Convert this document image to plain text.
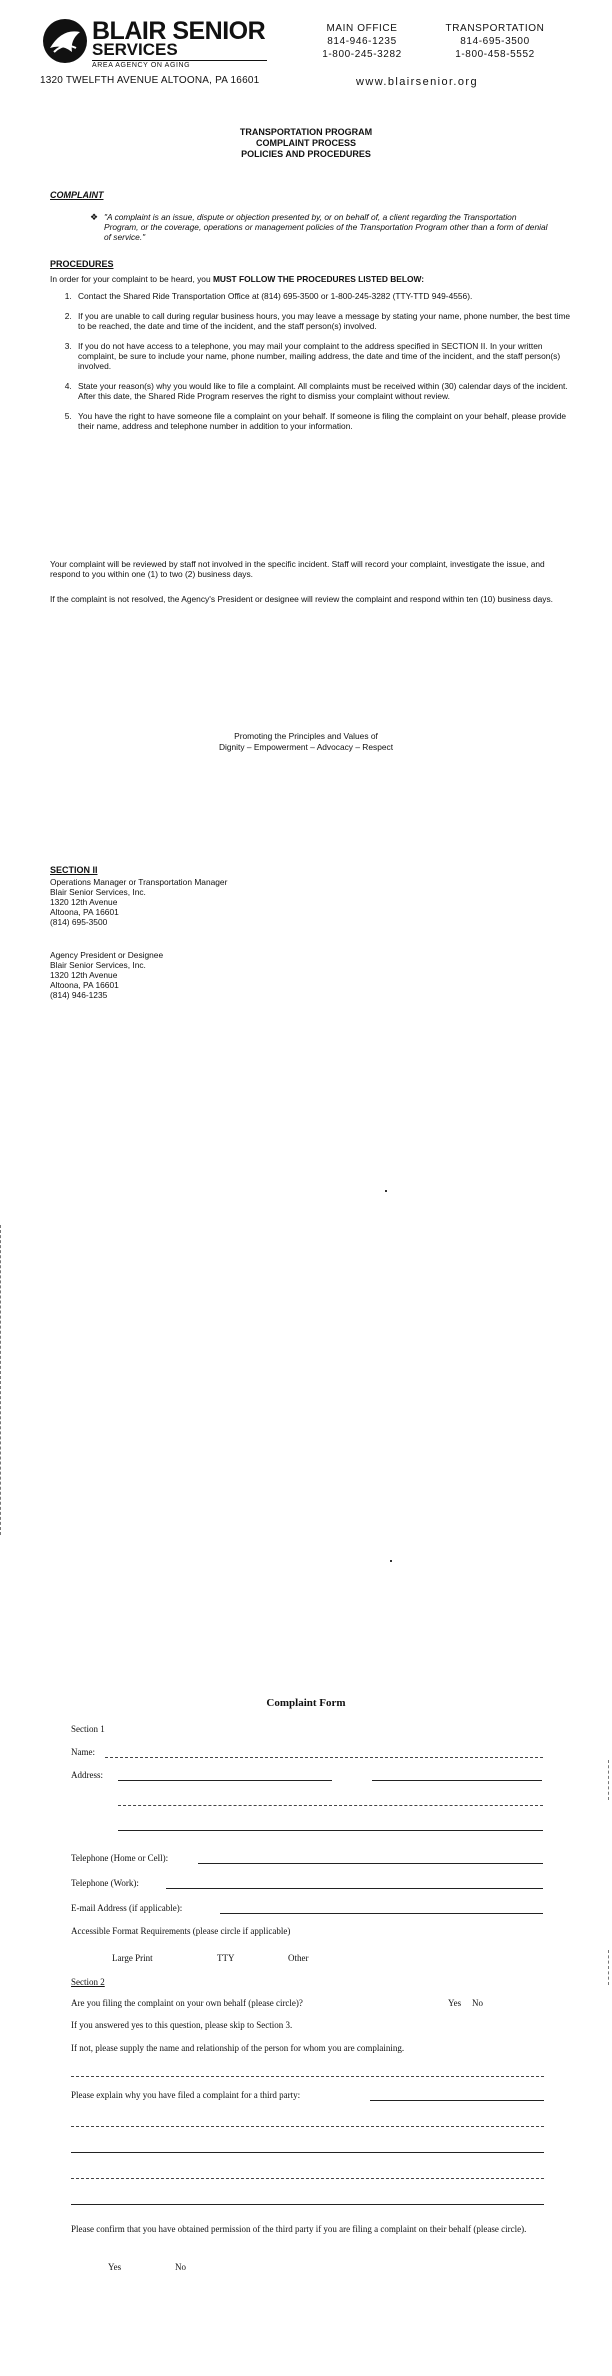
BLAIR SENIOR
SERVICES
AREA AGENCY ON AGING
1320 TWELFTH AVENUE ALTOONA, PA 16601
MAIN OFFICE
814-946-1235
1-800-245-3282
TRANSPORTATION
814-695-3500
1-800-458-5552
www.blairsenior.org
TRANSPORTATION PROGRAM
COMPLAINT PROCESS
POLICIES AND PROCEDURES
COMPLAINT
❖ "A complaint is an issue, dispute or objection presented by, or on behalf of, a client regarding the Transportation Program, or the coverage, operations or management policies of the Transportation Program other than a form of denial of service."
PROCEDURES
In order for your complaint to be heard, you MUST FOLLOW THE PROCEDURES LISTED BELOW:
1. Contact the Shared Ride Transportation Office at (814) 695-3500 or 1-800-245-3282 (TTY-TTD 949-4556).
2. If you are unable to call during regular business hours, you may leave a message by stating your name, phone number, the best time to be reached, the date and time of the incident, and the staff person(s) involved.
3. If you do not have access to a telephone, you may mail your complaint to the address specified in SECTION II. In your written complaint, be sure to include your name, phone number, mailing address, the date and time of the incident, and the staff person(s) involved.
4. State your reason(s) why you would like to file a complaint. All complaints must be received within (30) calendar days of the incident. After this date, the Shared Ride Program reserves the right to dismiss your complaint without review.
5. You have the right to have someone file a complaint on your behalf. If someone is filing the complaint on your behalf, please provide their name, address and telephone number in addition to your information.
Your complaint will be reviewed by staff not involved in the specific incident. Staff will record your complaint, investigate the issue, and respond to you within one (1) to two (2) business days.
If the complaint is not resolved, the Agency's President or designee will review the complaint and respond within ten (10) business days.
Promoting the Principles and Values of
Dignity – Empowerment – Advocacy – Respect
SECTION II
Operations Manager or Transportation Manager
Blair Senior Services, Inc.
1320 12th Avenue
Altoona, PA 16601
(814) 695-3500
Agency President or Designee
Blair Senior Services, Inc.
1320 12th Avenue
Altoona, PA 16601
(814) 946-1235
Complaint Form
Section 1
Name:
Address:
Telephone (Home or Cell):
Telephone (Work):
E-mail Address (if applicable):
Accessible Format Requirements (please circle if applicable)
Large Print	TTY	Other
Section 2
Are you filing the complaint on your own behalf (please circle)?	Yes No
If you answered yes to this question, please skip to Section 3.
If not, please supply the name and relationship of the person for whom you are complaining.
Please explain why you have filed a complaint for a third party:
Please confirm that you have obtained permission of the third party if you are filing a complaint on their behalf (please circle).
Yes	No
